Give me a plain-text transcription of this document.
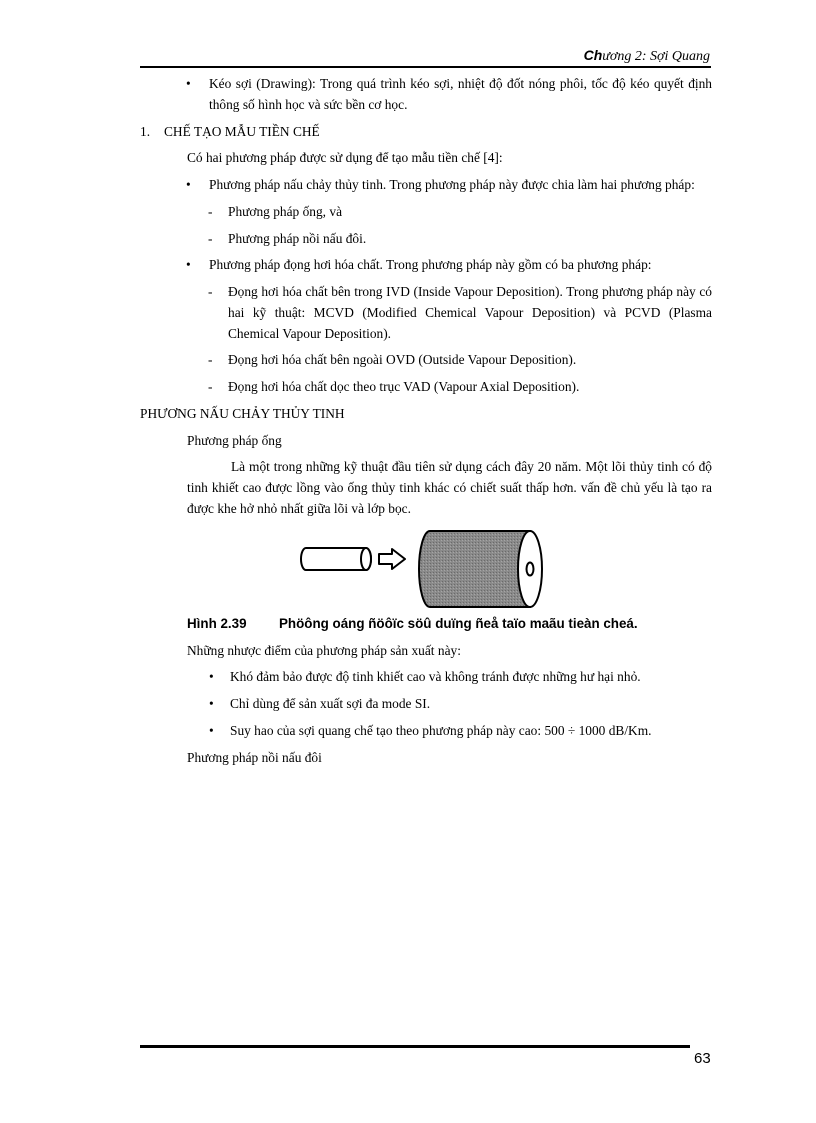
Chương 2: Sợi Quang
• Kéo sợi (Drawing): Trong quá trình kéo sợi, nhiệt độ đốt nóng phôi, tốc độ kéo quyết định thông số hình học và sức bền cơ học.
1. CHẾ TẠO MẪU TIỀN CHẾ
Có hai phương pháp được sử dụng để tạo mẫu tiền chế [4]:
• Phương pháp nấu chảy thủy tinh. Trong phương pháp này được chia làm hai phương pháp:
- Phương pháp ống, và
- Phương pháp nồi nấu đôi.
• Phương pháp đọng hơi hóa chất. Trong phương pháp này gồm có ba phương pháp:
- Đọng hơi hóa chất bên trong IVD (Inside Vapour Deposition). Trong phương pháp này có hai kỹ thuật: MCVD (Modified Chemical Vapour Deposition) và PCVD (Plasma Chemical Vapour Deposition).
- Đọng hơi hóa chất bên ngoài OVD (Outside Vapour Deposition).
- Đọng hơi hóa chất dọc theo trục VAD (Vapour Axial Deposition).
PHƯƠNG NẤU CHẢY THỦY TINH
Phương pháp ống
Là một trong những kỹ thuật đầu tiên sử dụng cách đây 20 năm. Một lõi thủy tinh có độ tinh khiết cao được lồng vào ống thủy tinh khác có chiết suất thấp hơn. vấn đề chủ yếu là tạo ra được khe hở nhỏ nhất giữa lõi và lớp bọc.
Hình 2.39 Phöông oáng ñöôïc söû duïng ñeå taïo maãu tieàn cheá.
Những nhược điểm của phương pháp sản xuất này:
• Khó đảm bảo được độ tinh khiết cao và không tránh được những hư hại nhỏ.
• Chỉ dùng để sản xuất sợi đa mode SI.
• Suy hao của sợi quang chế tạo theo phương pháp này cao: 500 ÷ 1000 dB/Km.
Phương pháp nồi nấu đôi
63
